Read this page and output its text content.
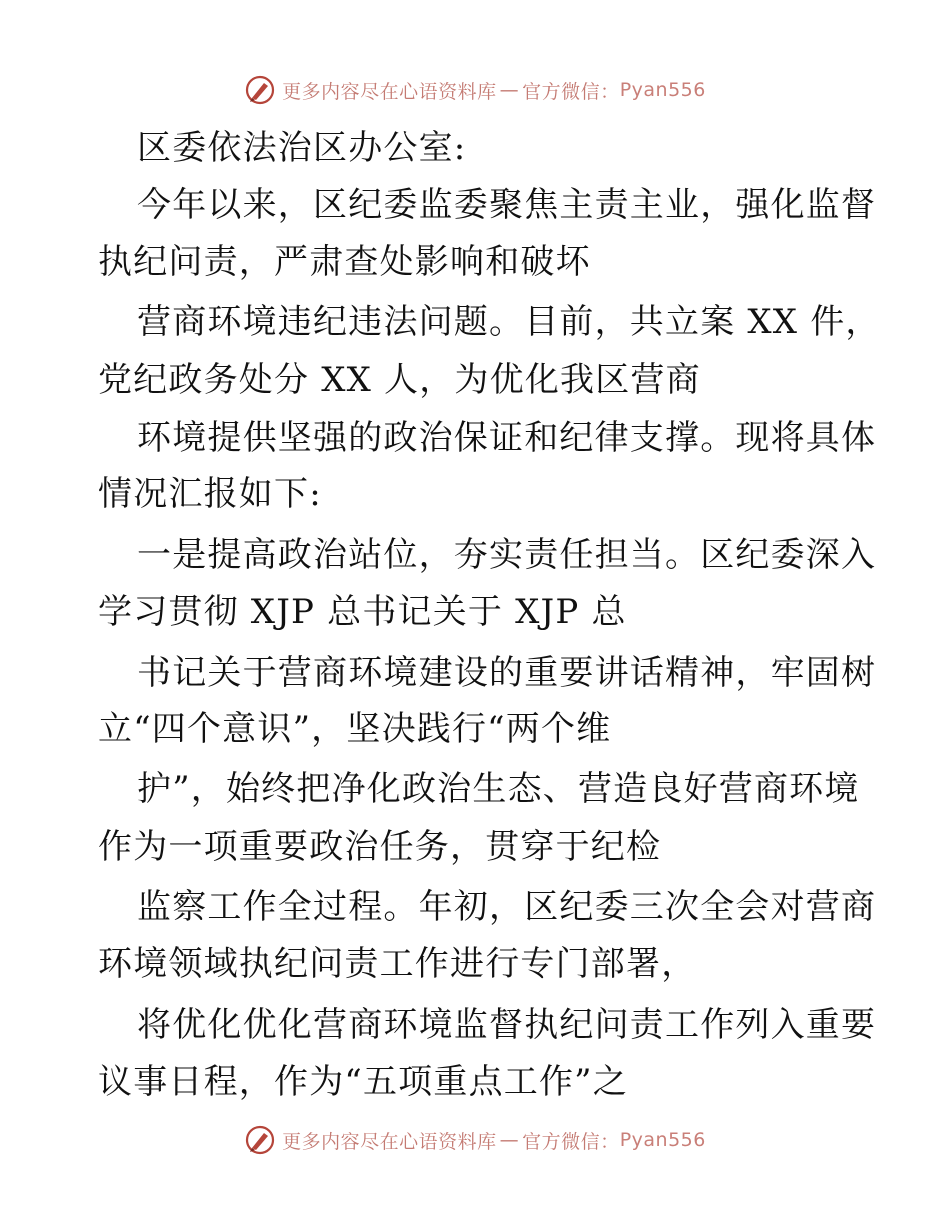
更多内容尽在心语资料库 — 官方微信： Pyan556
区委依法治区办公室:
今年以来，区纪委监委聚焦主责主业，强化监督
执纪问责，严肃查处影响和破坏
营商环境违纪违法问题。目前，共立案 XX 件，
党纪政务处分 XX 人，为优化我区营商
环境提供坚强的政治保证和纪律支撑。现将具体
情况汇报如下:
一是提高政治站位，夯实责任担当。区纪委深入
学习贯彻 XJP 总书记关于 XJP 总
书记关于营商环境建设的重要讲话精神，牢固树
立“四个意识”，坚决践行“两个维
护”，始终把净化政治生态、营造良好营商环境
作为一项重要政治任务，贯穿于纪检
监察工作全过程。年初，区纪委三次全会对营商
环境领域执纪问责工作进行专门部署，
将优化优化营商环境监督执纪问责工作列入重要
议事日程，作为“五项重点工作”之
更多内容尽在心语资料库 — 官方微信： Pyan556
